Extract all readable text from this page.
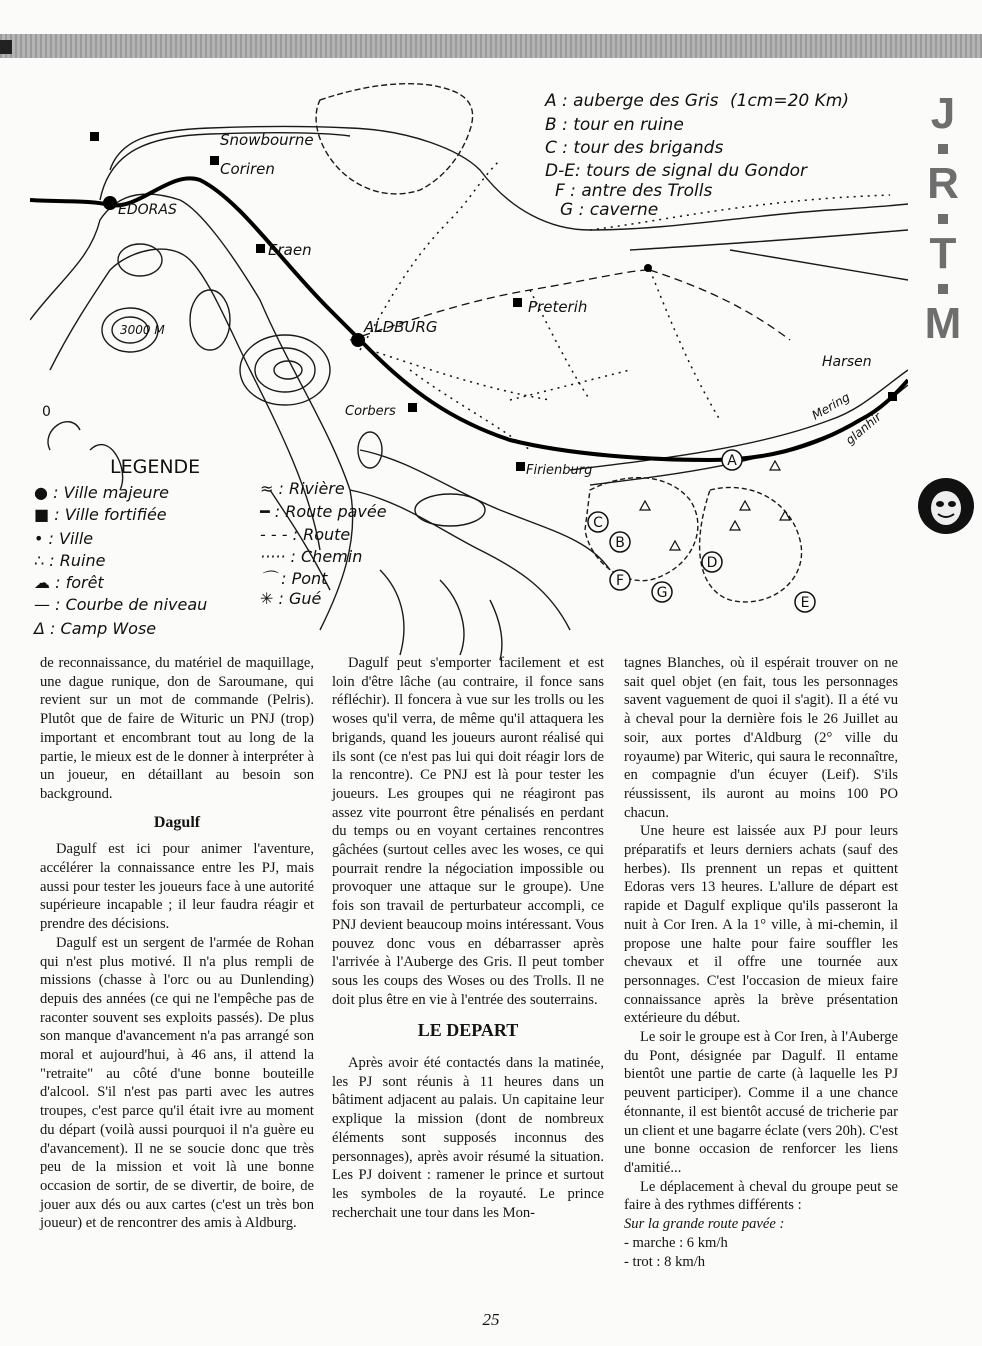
A
B
C
D
E
F
G
Snowbourne
Coriren
EDORAS
Eraen
ALDBURG
Preterih
Corbers
Firienburg
Harsen
Mering
glanhir
3000 M
0
A : auberge des Gris (1cm=20 Km)
B : tour en ruine
C : tour des brigands
D-E: tours de signal du Gondor
F : antre des Trolls
G : caverne
LEGENDE
● : Ville majeure
■ : Ville fortifiée
• : Ville
∴ : Ruine
☁ : forêt
— : Courbe de niveau
Δ : Camp Wose
≈ : Rivière
━ : Route pavée
- - - : Route
····· : Chemin
⌒ : Pont
✳ : Gué
J
R
T
M

de reconnaissance, du matériel de maquillage, une dague runique, don de Saroumane, qui revient sur un mot de commande (Pelris). Plutôt que de faire de Wituric un PNJ (trop) important et encombrant tout au long de la partie, le mieux est de le donner à interpréter à un joueur, en détaillant au besoin son background.

Dagulf

Dagulf est ici pour animer l'aventure, accélérer la connaissance entre les PJ, mais aussi pour tester les joueurs face à une autorité supérieure incapable ; il leur faudra réagir et prendre des décisions.

Dagulf est un sergent de l'armée de Rohan qui n'est plus motivé. Il n'a plus rempli de missions (chasse à l'orc ou au Dunlending) depuis des années (ce qui ne l'empêche pas de raconter souvent ses exploits passés). De plus son manque d'avancement n'a pas arrangé son moral et aujourd'hui, à 46 ans, il attend la "retraite" au côté d'une bonne bouteille d'alcool. S'il n'est pas parti avec les autres troupes, c'est parce qu'il était ivre au moment du départ (voilà aussi pourquoi il n'a guère eu d'avancement). Il ne se soucie donc que très peu de la mission et voit là une bonne occasion de sortir, de se divertir, de boire, de jouer aux dés ou aux cartes (c'est un très bon joueur) et de rencontrer des amis à Aldburg.

Dagulf peut s'emporter facilement et est loin d'être lâche (au contraire, il fonce sans réfléchir). Il foncera à vue sur les trolls ou les woses qu'il verra, de même qu'il attaquera les brigands, quand les joueurs auront réalisé qui ils sont (ce n'est pas lui qui doit réagir lors de la rencontre). Ce PNJ est là pour tester les joueurs. Les groupes qui ne réagiront pas assez vite pourront être pénalisés en perdant du temps ou en voyant certaines rencontres gâchées (surtout celles avec les woses, ce qui pourrait rendre la négociation impossible ou provoquer une attaque sur le groupe). Une fois son travail de perturbateur accompli, ce PNJ devient beaucoup moins intéressant. Vous pouvez donc vous en débarrasser après l'arrivée à l'Auberge des Gris. Il peut tomber sous les coups des Woses ou des Trolls. Il ne doit plus être en vie à l'entrée des souterrains.

LE DEPART

Après avoir été contactés dans la matinée, les PJ sont réunis à 11 heures dans un bâtiment adjacent au palais. Un capitaine leur explique la mission (dont de nombreux éléments sont supposés inconnus des personnages), après avoir résumé la situation. Les PJ doivent : ramener le prince et surtout les symboles de la royauté. Le prince recherchait une tour dans les Mon-

tagnes Blanches, où il espérait trouver on ne sait quel objet (en fait, tous les personnages savent vaguement de quoi il s'agit). Il a été vu à cheval pour la dernière fois le 26 Juillet au soir, aux portes d'Aldburg (2° ville du royaume) par Witeric, qui saura le reconnaître, en compagnie d'un écuyer (Leif). S'ils réussissent, ils auront au moins 100 PO chacun.

Une heure est laissée aux PJ pour leurs préparatifs et leurs derniers achats (sauf des herbes). Ils prennent un repas et quittent Edoras vers 13 heures. L'allure de départ est rapide et Dagulf explique qu'ils passeront la nuit à Cor Iren. A la 1° ville, à mi-chemin, il propose une halte pour faire souffler les chevaux et il offre une tournée aux personnages. C'est l'occasion de mieux faire connaissance après la brève présentation extérieure du début.

Le soir le groupe est à Cor Iren, à l'Auberge du Pont, désignée par Dagulf. Il entame bientôt une partie de carte (à laquelle les PJ peuvent participer). Comme il a une chance étonnante, il est bientôt accusé de tricherie par un client et une bagarre éclate (vers 20h). C'est une bonne occasion de renforcer les liens d'amitié...

Le déplacement à cheval du groupe peut se faire à des rythmes différents :

Sur la grande route pavée :

- marche : 6 km/h

- trot : 8 km/h

25
